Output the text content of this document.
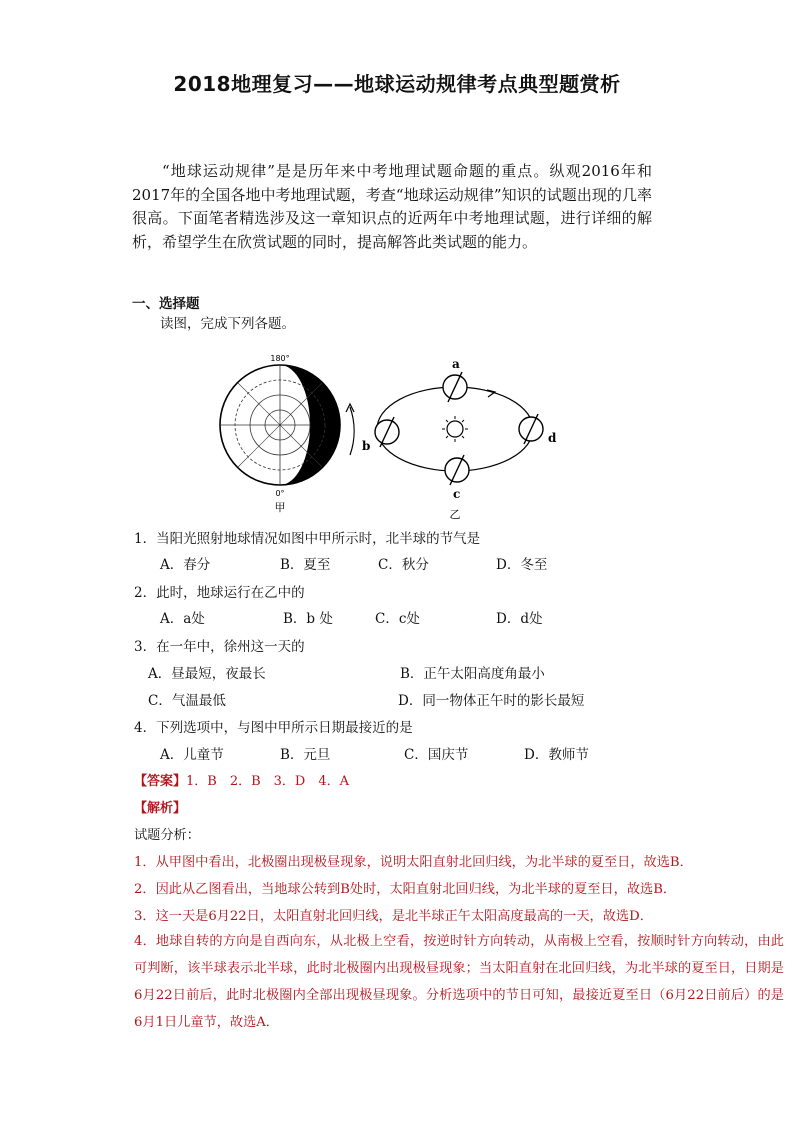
2018地理复习——地球运动规律考点典型题赏析

“地球运动规律”是是历年来中考地理试题命题的重点。纵观2016年和2017年的全国各地中考地理试题，考查“地球运动规律”知识的试题出现的几率很高。下面笔者精选涉及这一章知识点的近两年中考地理试题，进行详细的解析，希望学生在欣赏试题的同时，提高解答此类试题的能力。

一、选择题
读图，完成下列各题。
180°
0°
甲
a
b
c
d
乙
1．当阳光照射地球情况如图中甲所示时，北半球的节气是
A．春分	B．夏至	C．秋分	D．冬至
2．此时，地球运行在乙中的
A．a处	B．b 处	C．c处	D．d处
3．在一年中，徐州这一天的
A．昼最短，夜最长	B．正午太阳高度角最小
C．气温最低	D．同一物体正午时的影长最短
4．下列选项中，与图中甲所示日期最接近的是
A．儿童节	B．元旦	C．国庆节	D．教师节
【答案】1．B　2．B　3．D　4．A
【解析】
试题分析：
1．从甲图中看出，北极圈出现极昼现象，说明太阳直射北回归线，为北半球的夏至日，故选B．
2．因此从乙图看出，当地球公转到B处时，太阳直射北回归线，为北半球的夏至日，故选B．
3．这一天是6月22日，太阳直射北回归线，是北半球正午太阳高度最高的一天，故选D．
4．地球自转的方向是自西向东，从北极上空看，按逆时针方向转动，从南极上空看，按顺时针方向转动，由此可判断，该半球表示北半球，此时北极圈内出现极昼现象；当太阳直射在北回归线，为北半球的夏至日，日期是6月22日前后，此时北极圈内全部出现极昼现象。分析选项中的节日可知，最接近夏至日（6月22日前后）的是6月1日儿童节，故选A．
